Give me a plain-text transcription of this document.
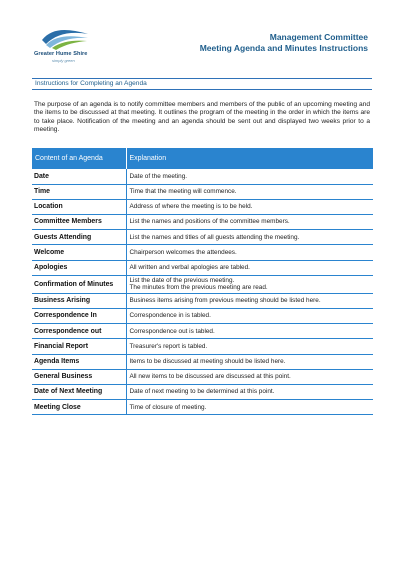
Greater Hume Shire
simply green
Management Committee
Meeting Agenda and Minutes Instructions
Instructions for Completing an Agenda

The purpose of an agenda is to notify committee members and members of the public of an upcoming meeting and the items to be discussed at that meeting. It outlines the program of the meeting in the order in which the items are to take place. Notification of the meeting and an agenda should be sent out and displayed two weeks prior to a meeting.

Content of an Agenda	Explanation
Date	Date of the meeting.
Time	Time that the meeting will commence.
Location	Address of where the meeting is to be held.
Committee Members	List the names and positions of the committee members.
Guests Attending	List the names and titles of all guests attending the meeting.
Welcome	Chairperson welcomes the attendees.
Apologies	All written and verbal apologies are tabled.
Confirmation of Minutes	List the date of the previous meeting.
The minutes from the previous meeting are read.
Business Arising	Business items arising from previous meeting should be listed here.
Correspondence In	Correspondence in is tabled.
Correspondence out	Correspondence out is tabled.
Financial Report	Treasurer's report is tabled.
Agenda Items	Items to be discussed at meeting should be listed here.
General Business	All new items to be discussed are discussed at this point.
Date of Next Meeting	Date of next meeting to be determined at this point.
Meeting Close	Time of closure of meeting.
